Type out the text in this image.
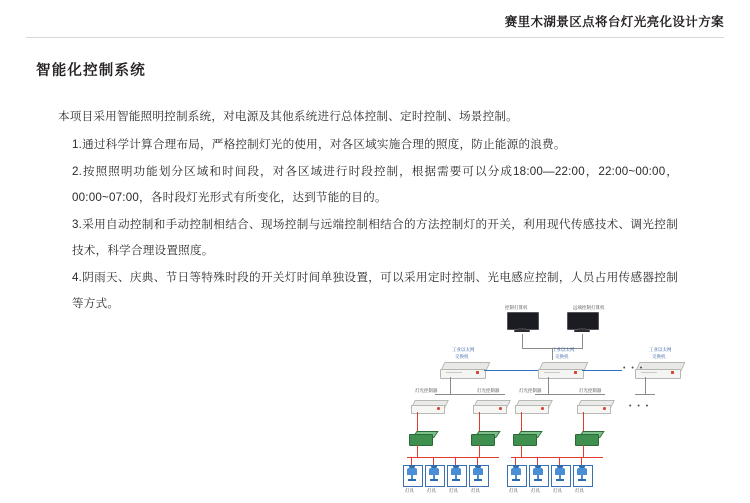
赛里木湖景区点将台灯光亮化设计方案
智能化控制系统

本项目采用智能照明控制系统，对电源及其他系统进行总体控制、定时控制、场景控制。

1.通过科学计算合理布局，严格控制灯光的使用，对各区域实施合理的照度，防止能源的浪费。

2.按照照明功能划分区域和时间段，对各区域进行时段控制，根据需要可以分成18:00—22:00，22:00~00:00，00:00~07:00，各时段灯光形式有所变化，达到节能的目的。

3.采用自动控制和手动控制相结合、现场控制与远端控制相结合的方法控制灯的开关，利用现代传感技术、调光控制技术，科学合理设置照度。

4.阴雨天、庆典、节日等特殊时段的开关灯时间单独设置，可以采用定时控制、光电感应控制，人员占用传感器控制等方式。	控制打算机	远端控制打算机
工业以太网
交换机
工业以太网
交换机
工业以太网
交换机
• • •
灯光控制器	灯光控制器	灯光控制器	灯光控制器
• • •
灯具	灯具	灯具	灯具	灯具	灯具	灯具	灯具
